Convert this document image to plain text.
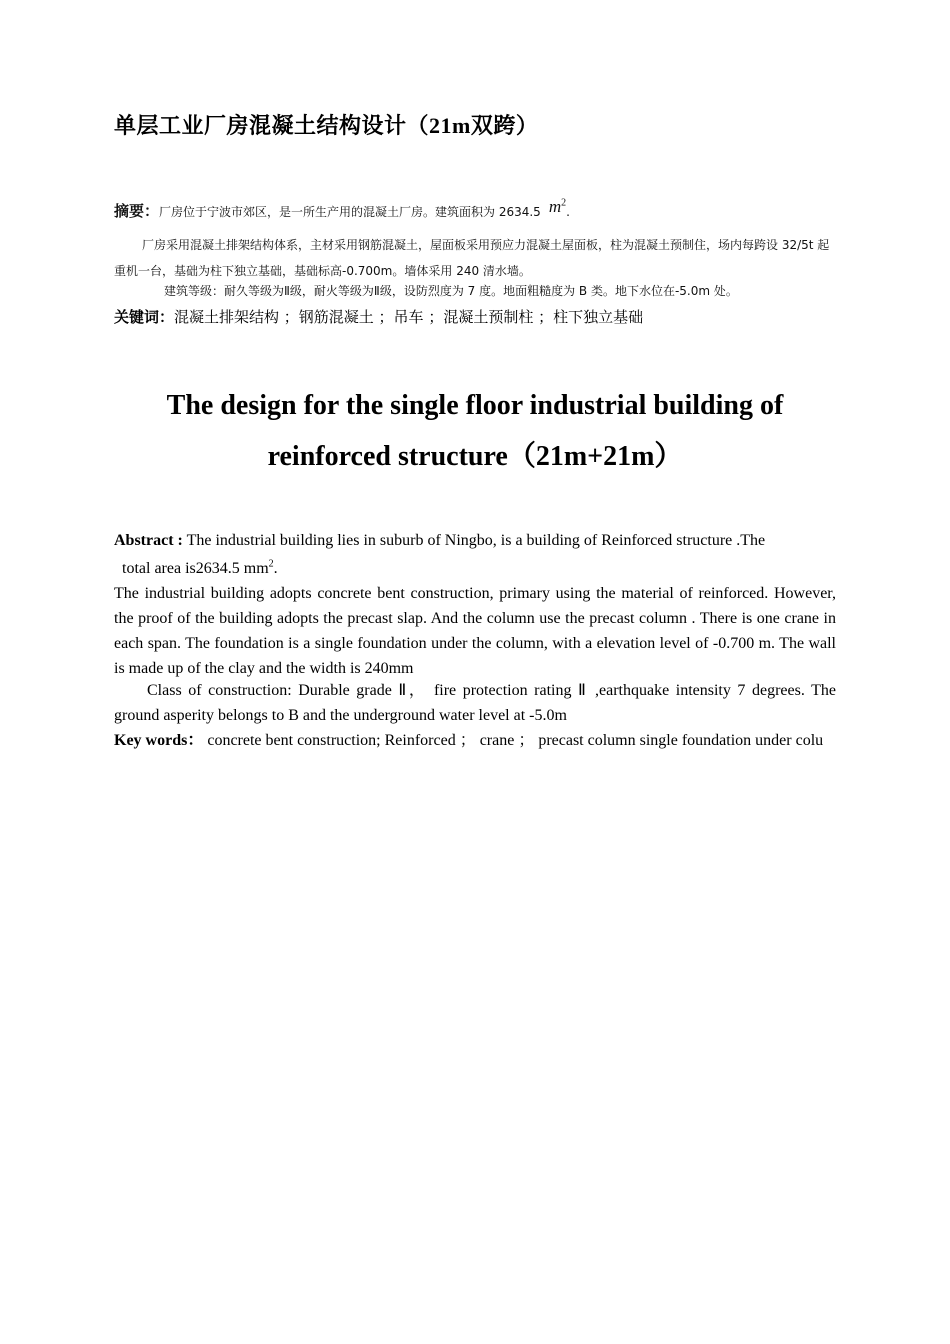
单层工业厂房混凝土结构设计（21m双跨）
摘要：厂房位于宁波市郊区，是一所生产用的混凝土厂房。建筑面积为 2634.5 $m^2$.
厂房采用混凝土排架结构体系，主材采用钢筋混凝土，屋面板采用预应力混凝土屋面板，柱为混凝土预制住，场内每跨设 32/5t 起重机一台，基础为柱下独立基础，基础标高-0.700m。墙体采用 240 清水墙。
建筑等级：耐久等级为Ⅱ级，耐火等级为Ⅱ级，设防烈度为 7 度。地面粗糙度为 B 类。地下水位在-5.0m 处。
关键词：混凝土排架结构 ；钢筋混凝土 ；吊车 ；混凝土预制柱 ；柱下独立基础
The design for the single floor industrial building of
reinforced structure（21m+21m）
Abstract : The industrial building lies in suburb of Ningbo, is a building of Reinforced structure .The
total area is2634.5 $mm^2$.
The industrial building adopts concrete bent construction, primary using the material of reinforced. However, the proof of the building adopts the precast slap. And the column use the precast column . There is one crane in each span. The foundation is a single foundation under the column, with a elevation level of -0.700 m. The wall is made up of the clay and the width is 240mm
Class of construction: Durable grade Ⅱ， fire protection rating Ⅱ ,earthquake intensity 7 degrees. The ground asperity belongs to B and the underground water level at -5.0m
Key words： concrete bent construction; Reinforced ； crane ； precast column single foundation under colu
